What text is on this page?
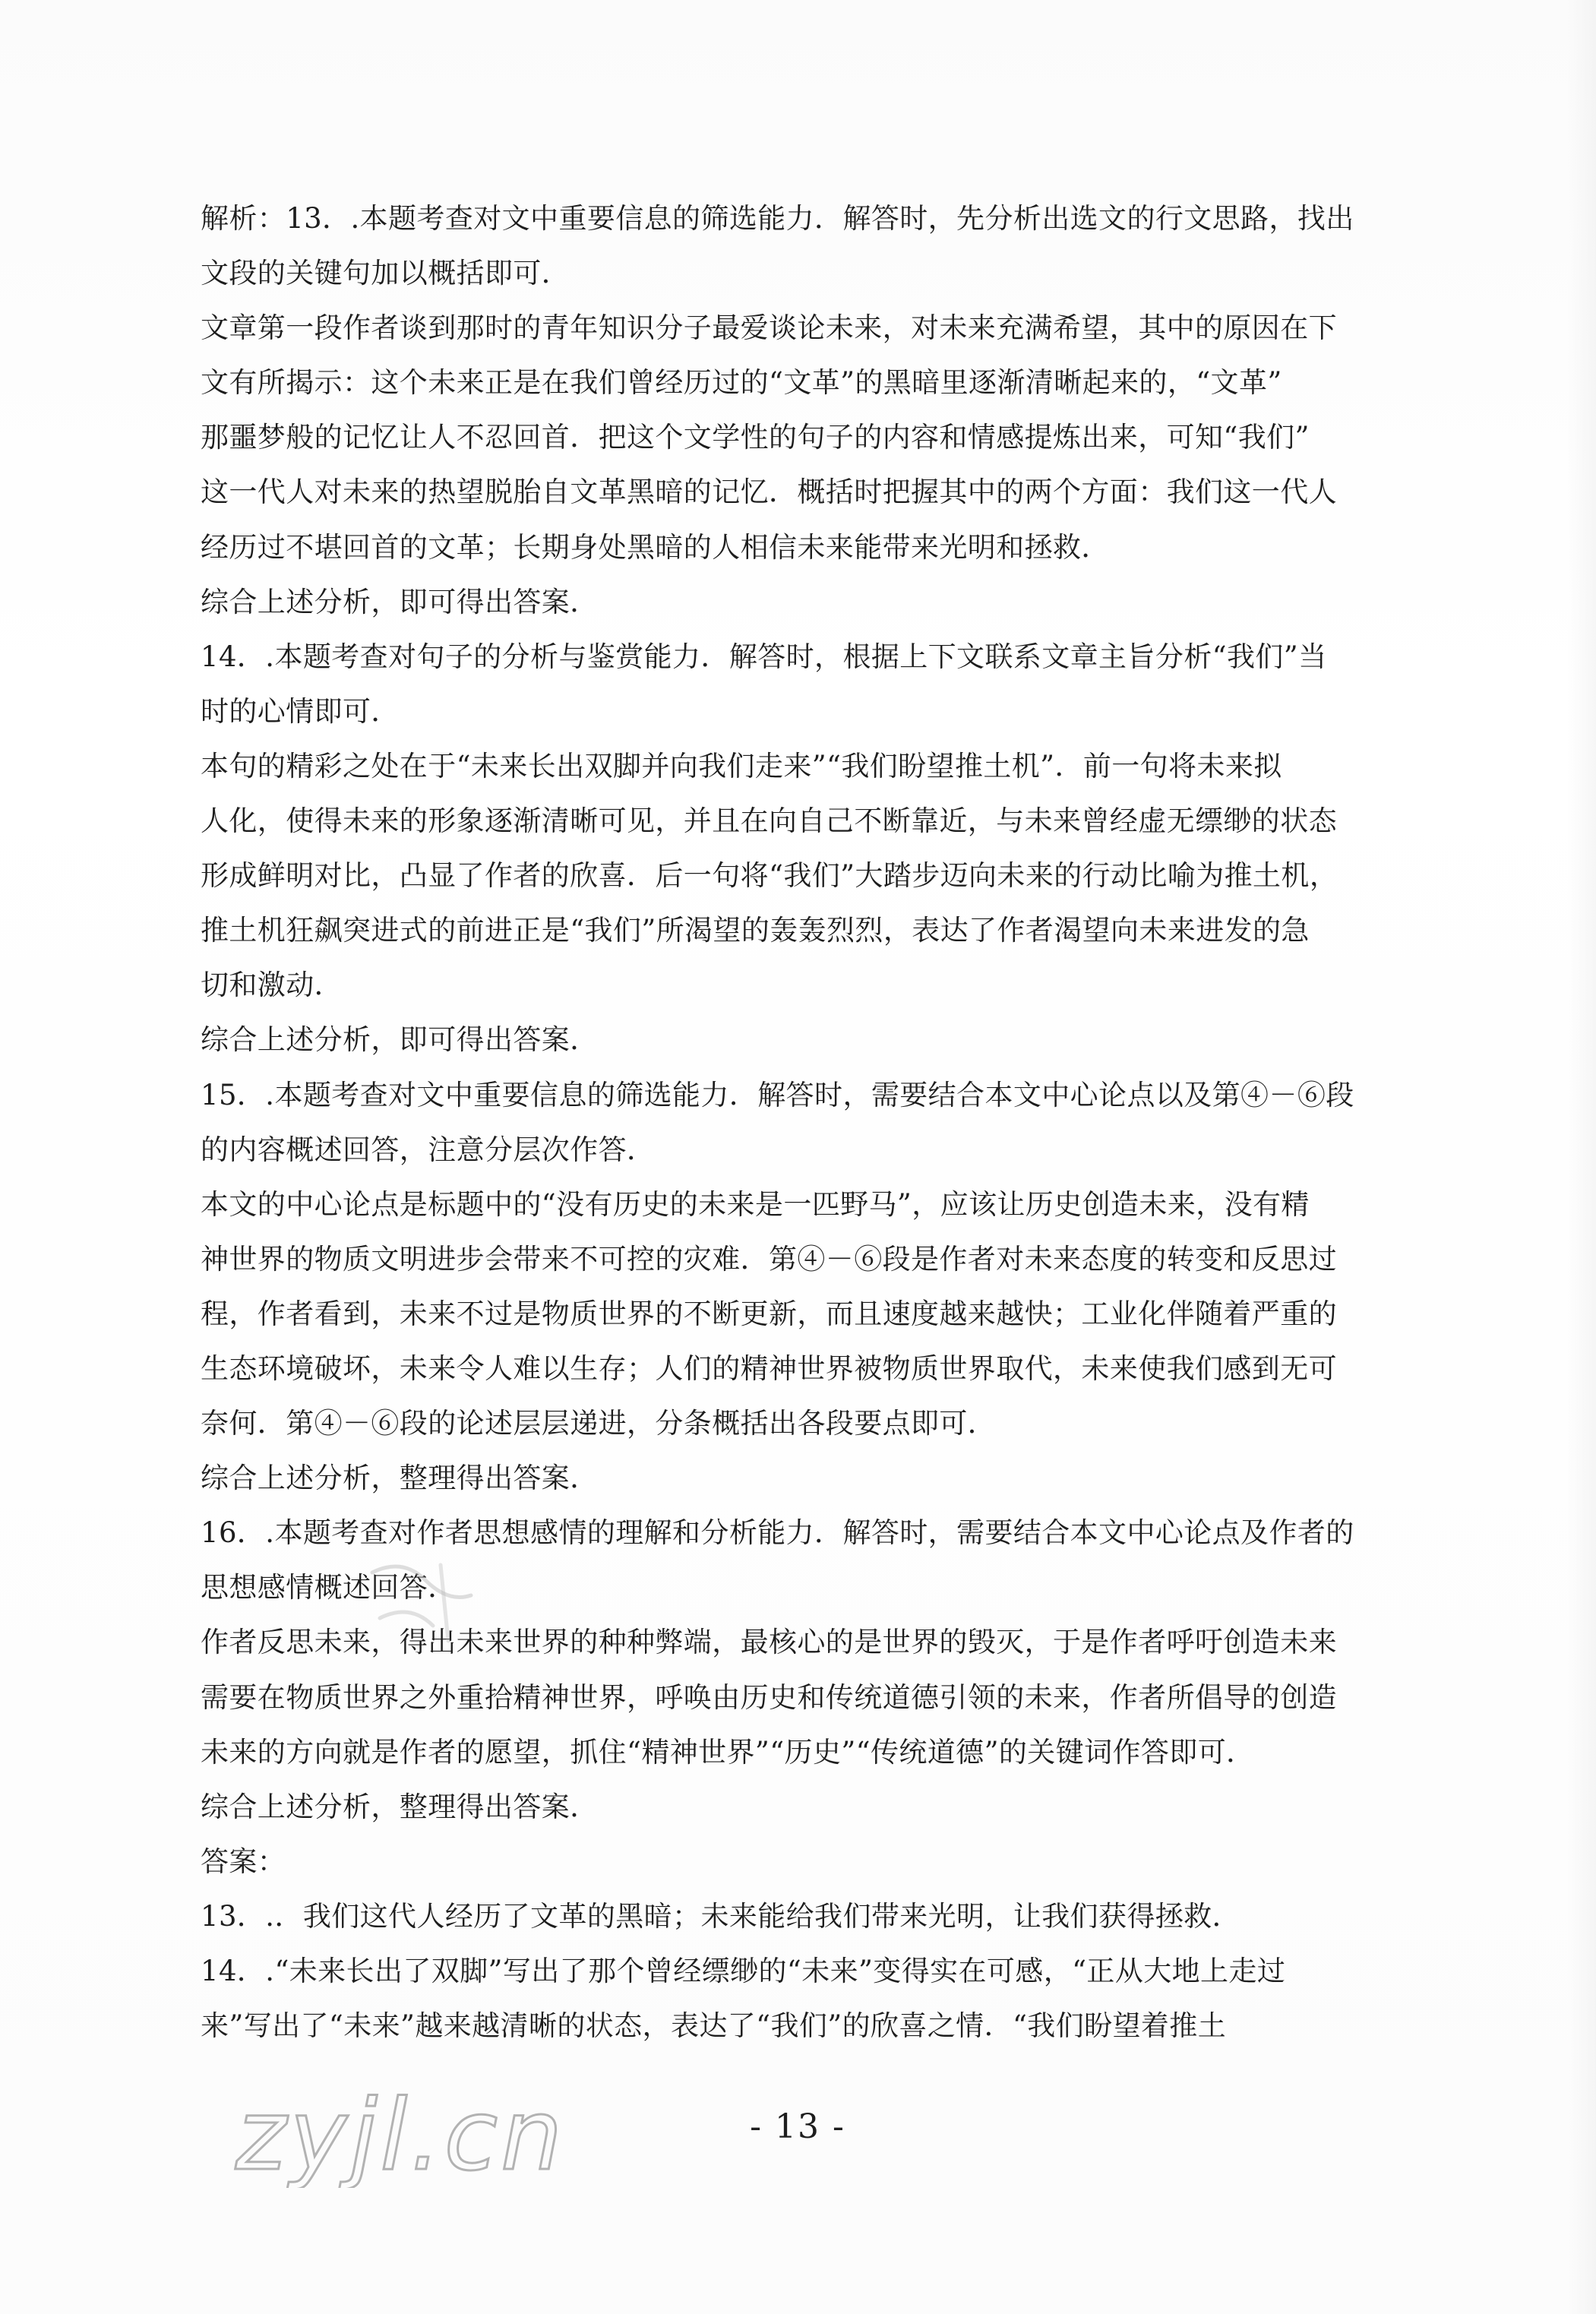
解析：13．.本题考查对文中重要信息的筛选能力．解答时，先分析出选文的行文思路，找出
文段的关键句加以概括即可．
文章第一段作者谈到那时的青年知识分子最爱谈论未来，对未来充满希望，其中的原因在下
文有所揭示：这个未来正是在我们曾经历过的“文革”的黑暗里逐渐清晰起来的，“文革”
那噩梦般的记忆让人不忍回首．把这个文学性的句子的内容和情感提炼出来，可知“我们”
这一代人对未来的热望脱胎自文革黑暗的记忆．概括时把握其中的两个方面：我们这一代人
经历过不堪回首的文革；长期身处黑暗的人相信未来能带来光明和拯救．
综合上述分析，即可得出答案．
14．.本题考查对句子的分析与鉴赏能力．解答时，根据上下文联系文章主旨分析“我们”当
时的心情即可．
本句的精彩之处在于“未来长出双脚并向我们走来”“我们盼望推土机”．前一句将未来拟
人化，使得未来的形象逐渐清晰可见，并且在向自己不断靠近，与未来曾经虚无缥缈的状态
形成鲜明对比，凸显了作者的欣喜．后一句将“我们”大踏步迈向未来的行动比喻为推土机，
推土机狂飙突进式的前进正是“我们”所渴望的轰轰烈烈，表达了作者渴望向未来进发的急
切和激动．
综合上述分析，即可得出答案．
15．.本题考查对文中重要信息的筛选能力．解答时，需要结合本文中心论点以及第④－⑥段
的内容概述回答，注意分层次作答．
本文的中心论点是标题中的“没有历史的未来是一匹野马”，应该让历史创造未来，没有精
神世界的物质文明进步会带来不可控的灾难．第④－⑥段是作者对未来态度的转变和反思过
程，作者看到，未来不过是物质世界的不断更新，而且速度越来越快；工业化伴随着严重的
生态环境破坏，未来令人难以生存；人们的精神世界被物质世界取代，未来使我们感到无可
奈何．第④－⑥段的论述层层递进，分条概括出各段要点即可．
综合上述分析，整理得出答案．
16．.本题考查对作者思想感情的理解和分析能力．解答时，需要结合本文中心论点及作者的
思想感情概述回答．
作者反思未来，得出未来世界的种种弊端，最核心的是世界的毁灭，于是作者呼吁创造未来
需要在物质世界之外重拾精神世界，呼唤由历史和传统道德引领的未来，作者所倡导的创造
未来的方向就是作者的愿望，抓住“精神世界”“历史”“传统道德”的关键词作答即可．
综合上述分析，整理得出答案．
答案：
13．.．我们这代人经历了文革的黑暗；未来能给我们带来光明，让我们获得拯救．
14．.“未来长出了双脚”写出了那个曾经缥缈的“未来”变得实在可感，“正从大地上走过
来”写出了“未来”越来越清晰的状态，表达了“我们”的欣喜之情．“我们盼望着推土
zyjl.cn	- 13 -
